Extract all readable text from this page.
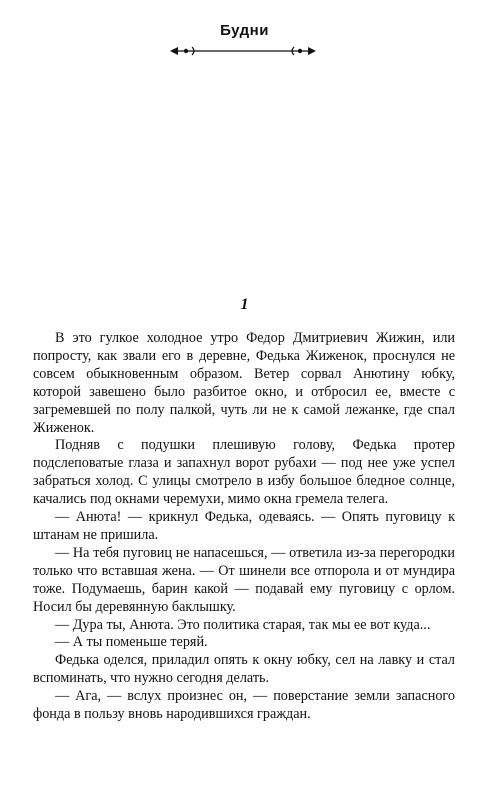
Будни
1

В это гулкое холодное утро Федор Дмитриевич Жижин, или попросту, как звали его в деревне, Федька Жиженок, проснулся не совсем обыкновенным образом. Ветер сорвал Анютину юбку, которой завешено было разбитое окно, и отбросил ее, вместе с загремевшей по полу палкой, чуть ли не к самой лежанке, где спал Жиженок.

Подняв с подушки плешивую голову, Федька протер подслеповатые глаза и запахнул ворот рубахи — под нее уже успел забраться холод. С улицы смотрело в избу большое бледное солнце, качались под окнами черемухи, мимо окна гремела телега.

— Анюта! — крикнул Федька, одеваясь. — Опять пуговицу к штанам не пришила.

— На тебя пуговиц не напасешься, — ответила из-за перегородки только что вставшая жена. — От шинели все отпорола и от мундира тоже. Подумаешь, барин какой — подавай ему пуговицу с орлом. Носил бы деревянную баклышку.

— Дура ты, Анюта. Это политика старая, так мы ее вот куда...

— А ты поменьше теряй.

Федька оделся, приладил опять к окну юбку, сел на лавку и стал вспоминать, что нужно сегодня делать.

— Ага, — вслух произнес он, — поверстание земли запасного фонда в пользу вновь народившихся граждан.
